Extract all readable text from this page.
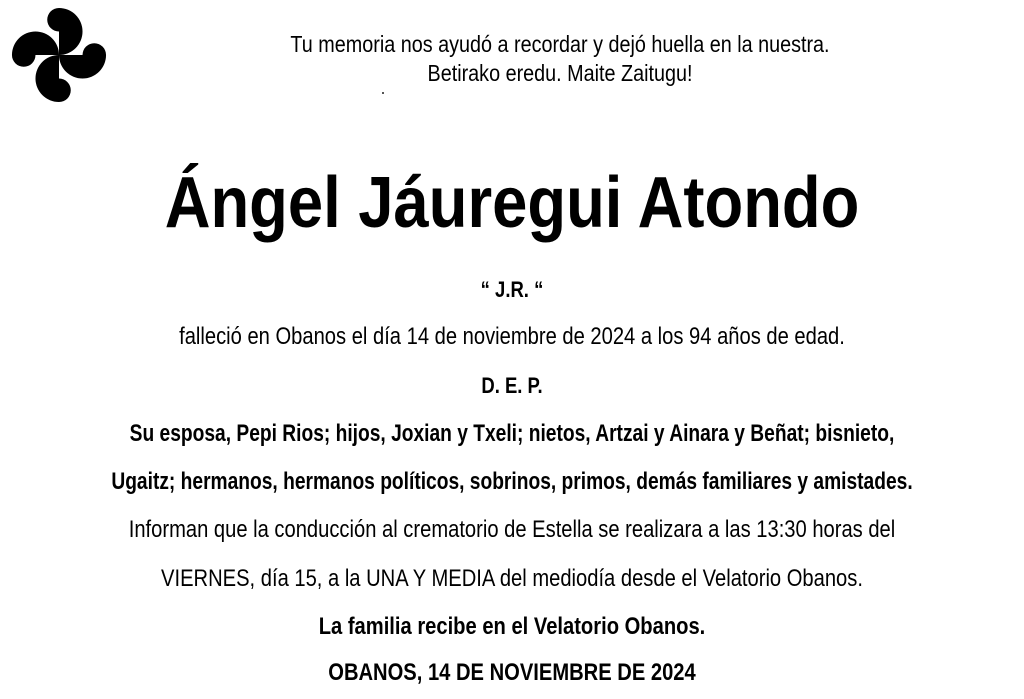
Tu memoria nos ayudó a recordar y dejó huella en la nuestra.
Betirako eredu. Maite Zaitugu!
Ángel Jáuregui Atondo
“ J.R. “
falleció en Obanos el día 14 de noviembre de 2024 a los 94 años de edad.
D. E. P.
Su esposa, Pepi Rios; hijos, Joxian y Txeli; nietos, Artzai y Ainara y Beñat; bisnieto,
Ugaitz; hermanos, hermanos políticos, sobrinos, primos, demás familiares y amistades.
Informan que la conducción al crematorio de Estella se realizara a las 13:30 horas del
VIERNES, día 15, a la UNA Y MEDIA del mediodía desde el Velatorio Obanos.
La familia recibe en el Velatorio Obanos.
OBANOS, 14 DE NOVIEMBRE DE 2024
